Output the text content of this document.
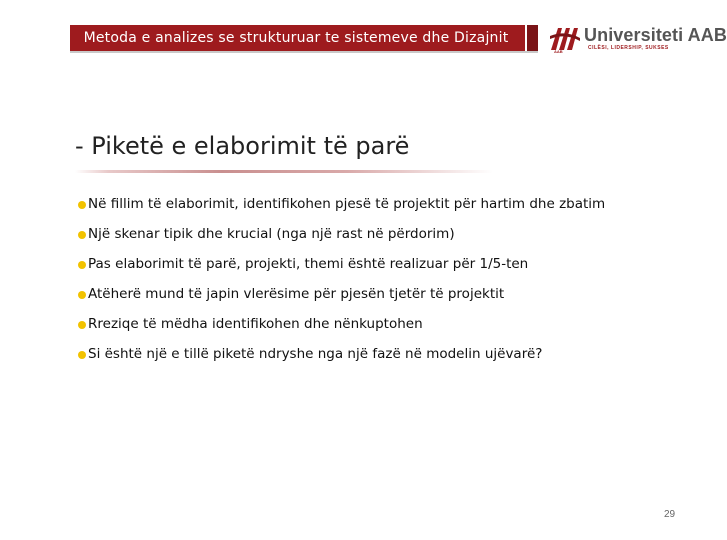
Metoda e analizes se strukturuar te sistemeve dhe Dizajnit
AAB
Universiteti AAB
CILËSI, LIDERSHIP, SUKSES
- Piketë e elaborimit të parë
Në fillim të elaborimit, identifikohen pjesë të projektit për hartim dhe zbatim
Një skenar tipik dhe krucial (nga një rast në përdorim)
Pas elaborimit të parë, projekti, themi është realizuar për 1/5-ten
Atëherë mund të japin vlerësime për pjesën tjetër të projektit
Rreziqe të mëdha identifikohen dhe nënkuptohen
Si është një e tillë piketë ndryshe nga një fazë në modelin ujëvarë?
29
